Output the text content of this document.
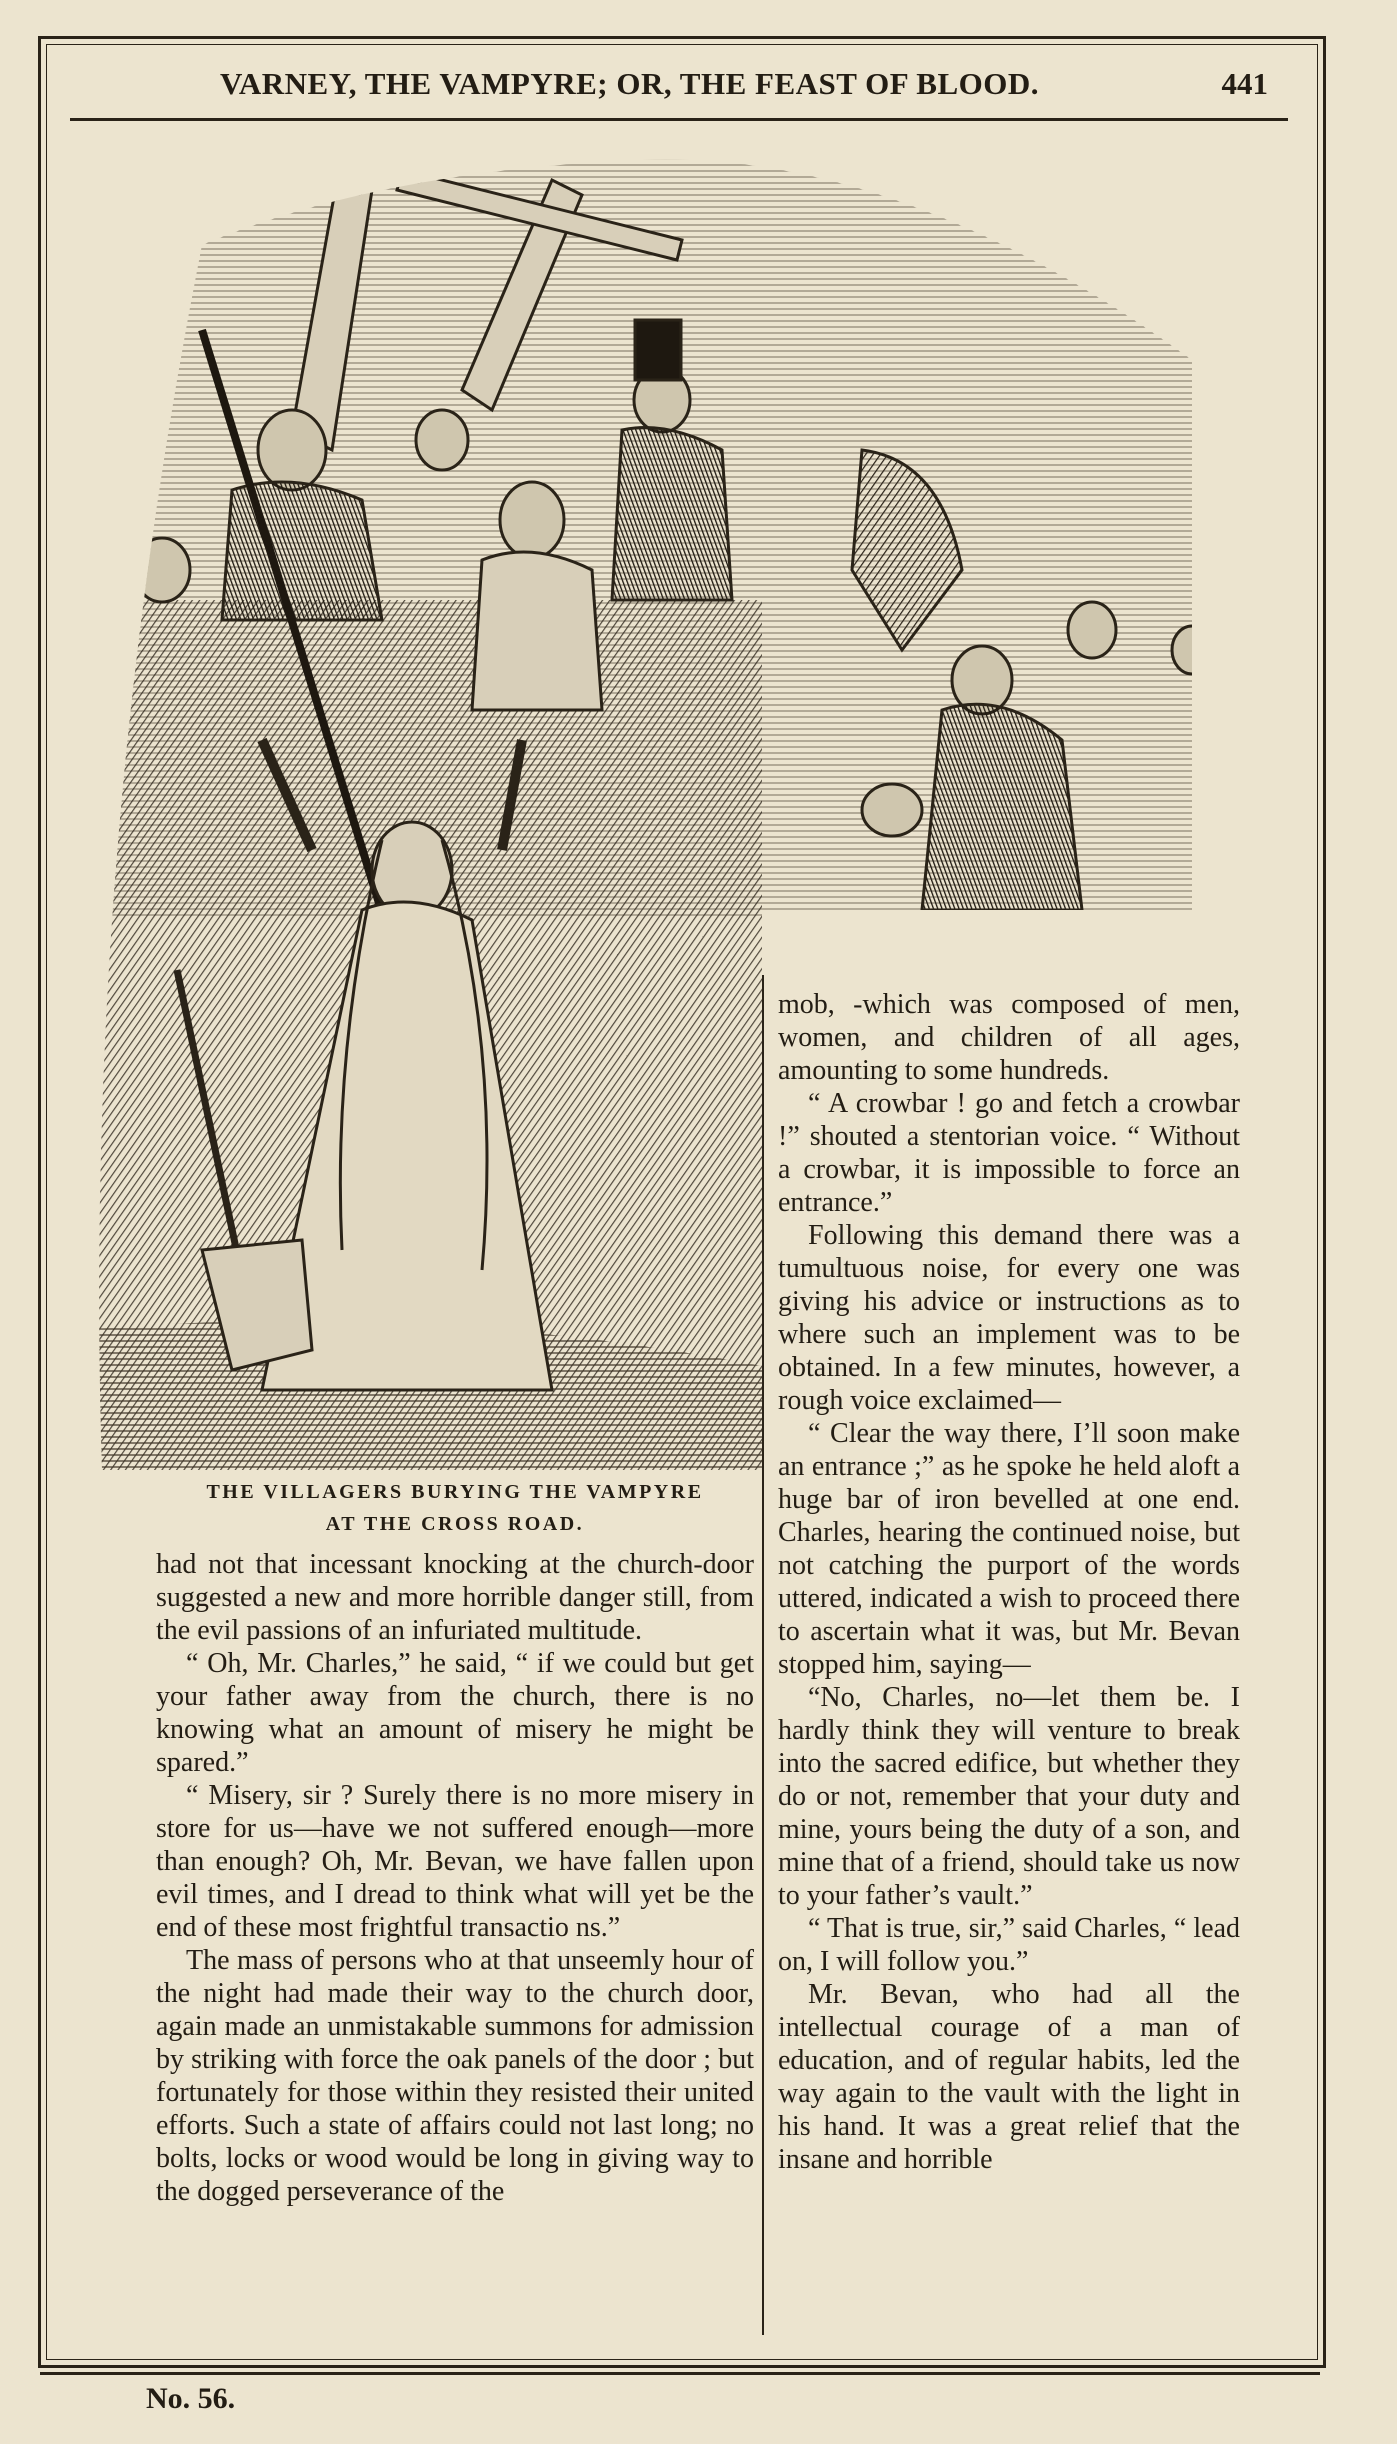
VARNEY, THE VAMPYRE; OR, THE FEAST OF BLOOD.	441
THE VILLAGERS BURYING THE VAMPYRE
AT THE CROSS ROAD.

had not that incessant knocking at the church-door suggested a new and more horrible danger still, from the evil passions of an infuriated multitude.

“ Oh, Mr. Charles,” he said, “ if we could but get your father away from the church, there is no knowing what an amount of misery he might be spared.”

“ Misery, sir ? Surely there is no more misery in store for us—have we not suffered enough—more than enough? Oh, Mr. Bevan, we have fallen upon evil times, and I dread to think what will yet be the end of these most frightful transactio ns.”

The mass of persons who at that unseemly hour of the night had made their way to the church door, again made an unmistakable summons for admission by striking with force the oak panels of the door ; but fortunately for those within they resisted their united efforts. Such a state of affairs could not last long; no bolts, locks or wood would be long in giving way to the dogged perseverance of the

mob, -which was composed of men, women, and children of all ages, amounting to some hundreds.

“ A crowbar ! go and fetch a crowbar !” shouted a stentorian voice. “ Without a crowbar, it is impossible to force an entrance.”

Following this demand there was a tumultuous noise, for every one was giving his advice or instructions as to where such an implement was to be obtained. In a few minutes, however, a rough voice exclaimed—

“ Clear the way there, I’ll soon make an entrance ;” as he spoke he held aloft a huge bar of iron bevelled at one end. Charles, hearing the continued noise, but not catching the purport of the words uttered, indicated a wish to proceed there to ascertain what it was, but Mr. Bevan stopped him, saying—

“No, Charles, no—let them be. I hardly think they will venture to break into the sacred edifice, but whether they do or not, remember that your duty and mine, yours being the duty of a son, and mine that of a friend, should take us now to your father’s vault.”

“ That is true, sir,” said Charles, “ lead on, I will follow you.”

Mr. Bevan, who had all the intellectual courage of a man of education, and of regular habits, led the way again to the vault with the light in his hand. It was a great relief that the insane and horrible

No. 56.
